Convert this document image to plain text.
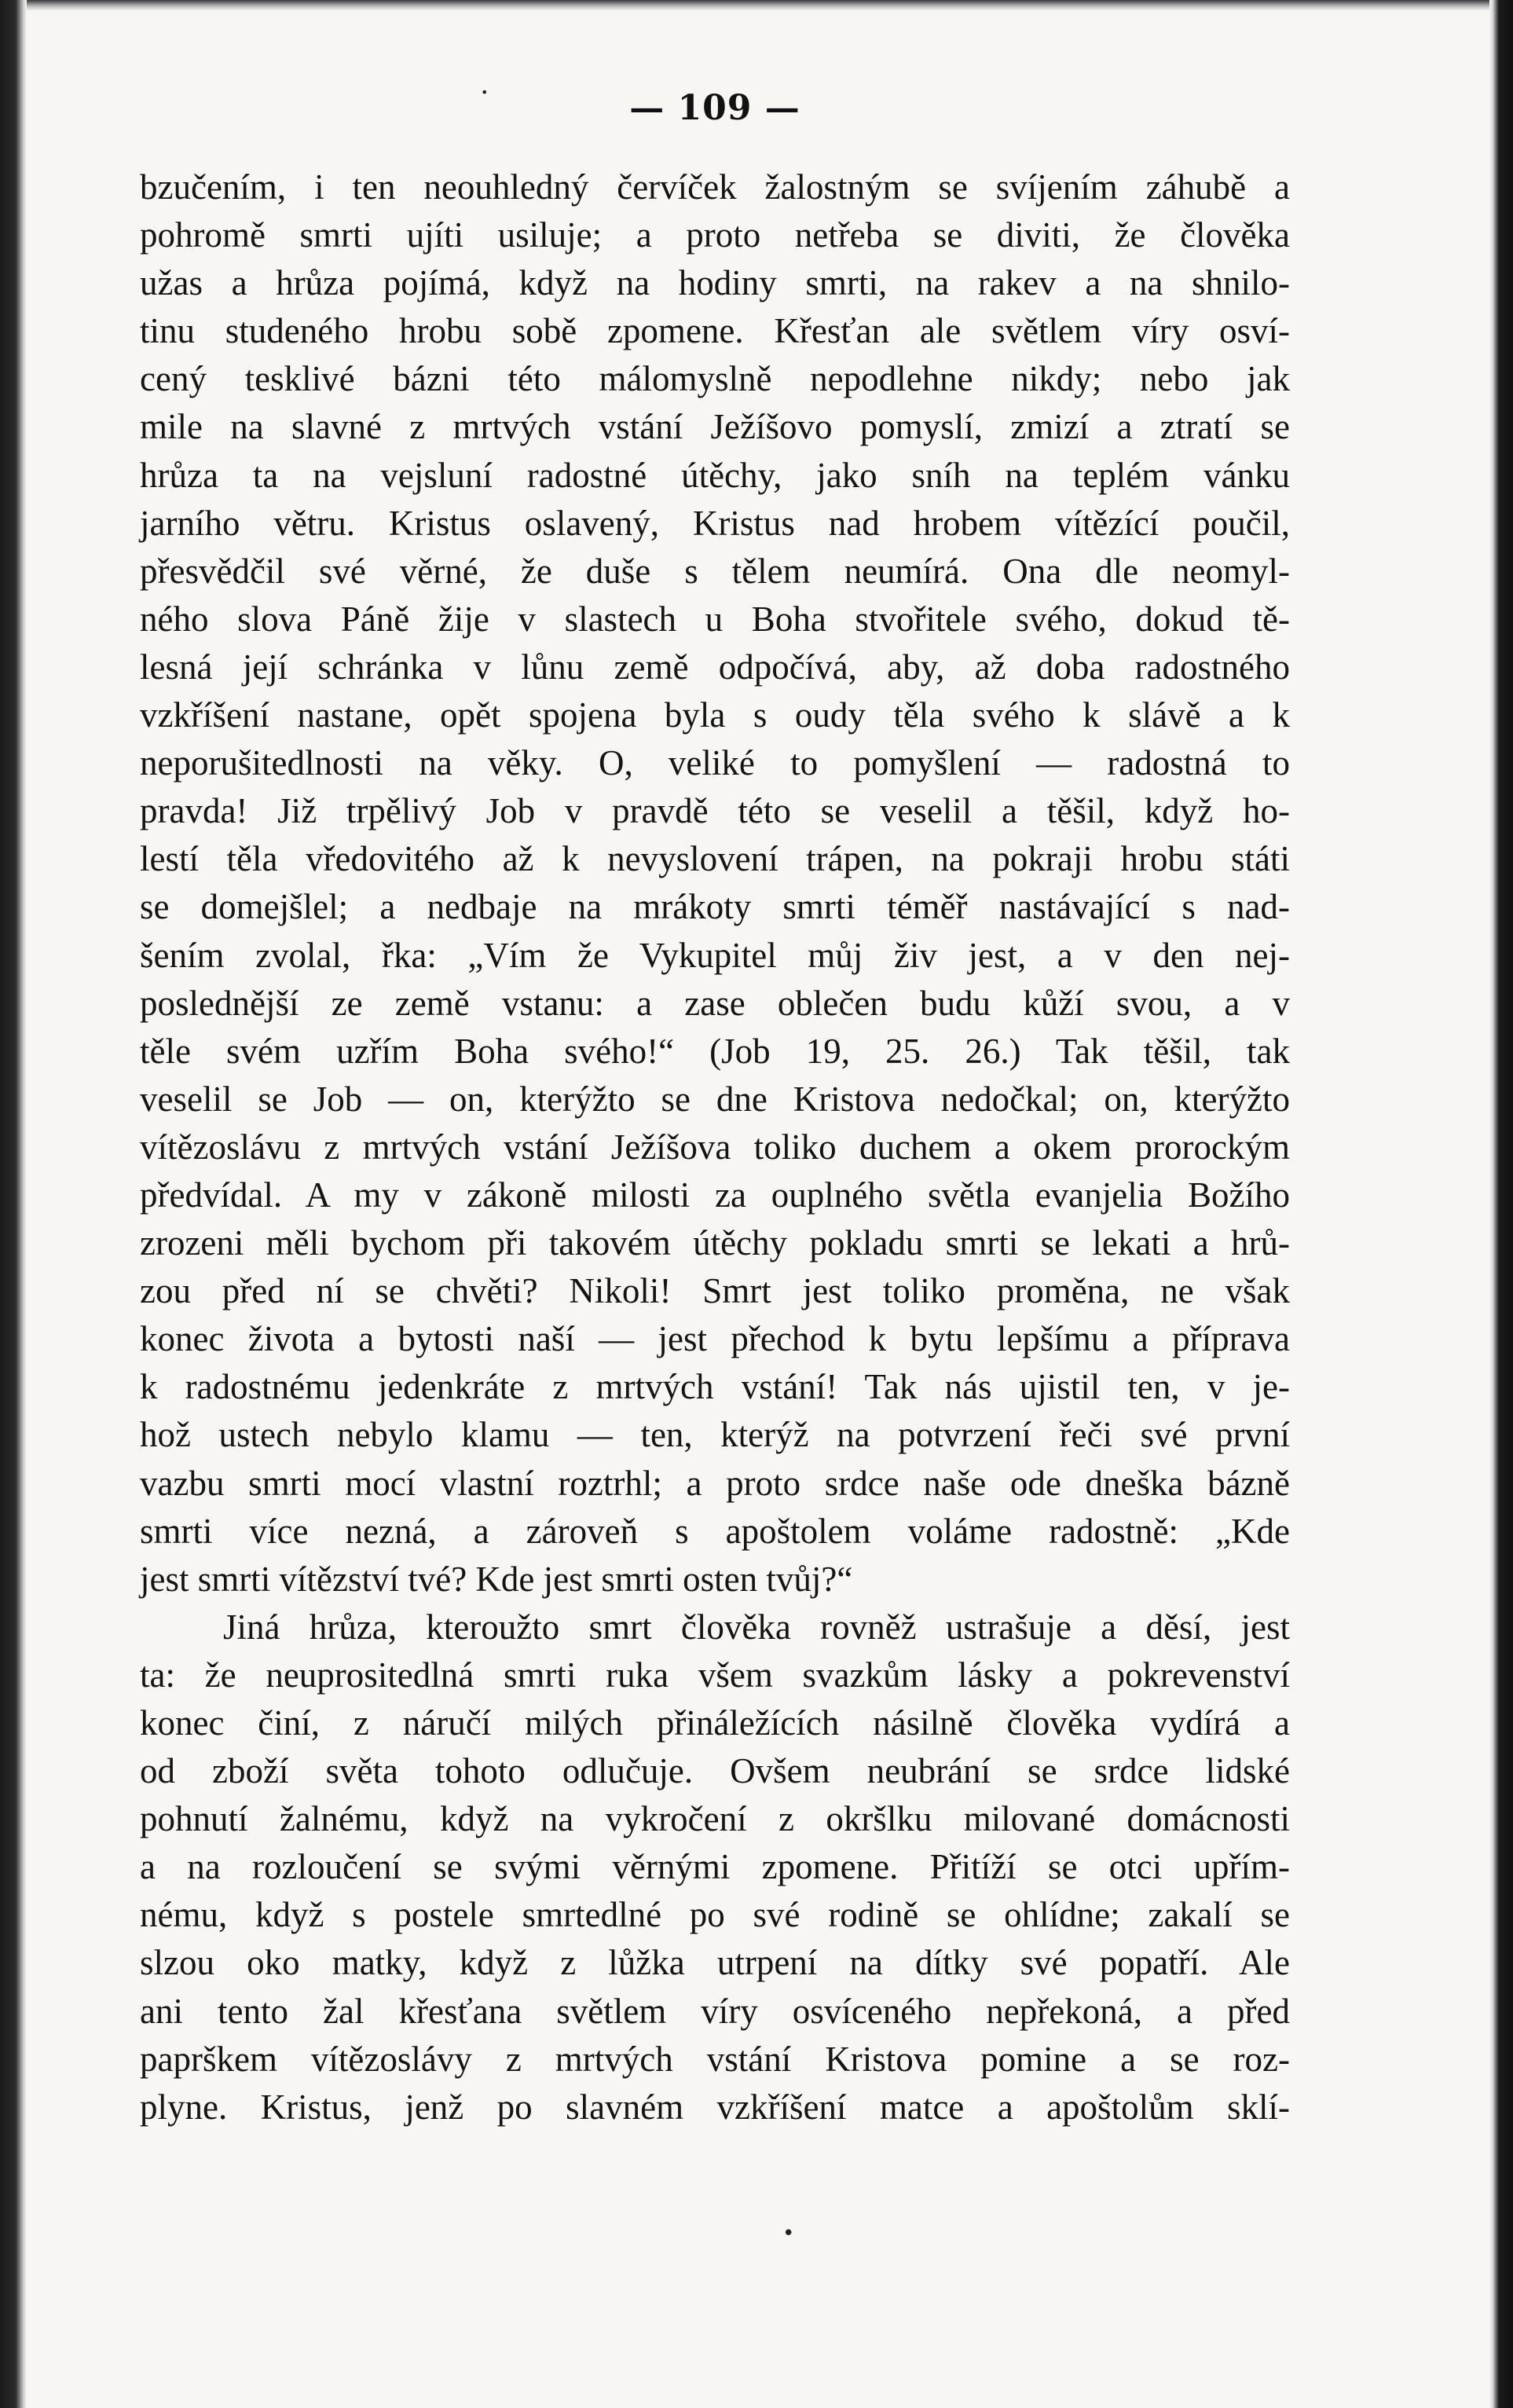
— 109 —
bzučením, i ten neouhledný červíček žalostným se svíjením záhubě a
pohromě smrti ujíti usiluje; a proto netřeba se diviti, že člověka
užas a hrůza pojímá, když na hodiny smrti, na rakev a na shnilo-
tinu studeného hrobu sobě zpomene. Křesťan ale světlem víry osví-
cený tesklivé bázni této málomyslně nepodlehne nikdy; nebo jak
mile na slavné z mrtvých vstání Ježíšovo pomyslí, zmizí a ztratí se
hrůza ta na vejsluní radostné útěchy, jako sníh na teplém vánku
jarního větru. Kristus oslavený, Kristus nad hrobem vítězící poučil,
přesvědčil své věrné, že duše s tělem neumírá. Ona dle neomyl-
ného slova Páně žije v slastech u Boha stvořitele svého, dokud tě-
lesná její schránka v lůnu země odpočívá, aby, až doba radostného
vzkříšení nastane, opět spojena byla s oudy těla svého k slávě a k
neporušitedlnosti na věky. O, veliké to pomyšlení — radostná to
pravda! Již trpělivý Job v pravdě této se veselil a těšil, když ho-
lestí těla vředovitého až k nevyslovení trápen, na pokraji hrobu státi
se domejšlel; a nedbaje na mrákoty smrti téměř nastávající s nad-
šením zvolal, řka: „Vím že Vykupitel můj živ jest, a v den nej-
poslednější ze země vstanu: a zase oblečen budu kůží svou, a v
těle svém uzřím Boha svého!“ (Job 19, 25. 26.) Tak těšil, tak
veselil se Job — on, kterýžto se dne Kristova nedočkal; on, kterýžto
vítězoslávu z mrtvých vstání Ježíšova toliko duchem a okem prorockým
předvídal. A my v zákoně milosti za ouplného světla evanjelia Božího
zrozeni měli bychom při takovém útěchy pokladu smrti se lekati a hrů-
zou před ní se chvěti? Nikoli! Smrt jest toliko proměna, ne však
konec života a bytosti naší — jest přechod k bytu lepšímu a příprava
k radostnému jedenkráte z mrtvých vstání! Tak nás ujistil ten, v je-
hož ustech nebylo klamu — ten, kterýž na potvrzení řeči své první
vazbu smrti mocí vlastní roztrhl; a proto srdce naše ode dneška bázně
smrti více nezná, a zároveň s apoštolem voláme radostně: „Kde
jest smrti vítězství tvé? Kde jest smrti osten tvůj?“
Jiná hrůza, kteroužto smrt člověka rovněž ustrašuje a děsí, jest
ta: že neuprositedlná smrti ruka všem svazkům lásky a pokrevenství
konec činí, z náručí milých přináležících násilně člověka vydírá a
od zboží světa tohoto odlučuje. Ovšem neubrání se srdce lidské
pohnutí žalnému, když na vykročení z okršlku milované domácnosti
a na rozloučení se svými věrnými zpomene. Přitíží se otci upřím-
nému, když s postele smrtedlné po své rodině se ohlídne; zakalí se
slzou oko matky, když z lůžka utrpení na dítky své popatří. Ale
ani tento žal křesťana světlem víry osvíceného nepřekoná, a před
paprškem vítězoslávy z mrtvých vstání Kristova pomine a se roz-
plyne. Kristus, jenž po slavném vzkříšení matce a apoštolům sklí-
•
•
